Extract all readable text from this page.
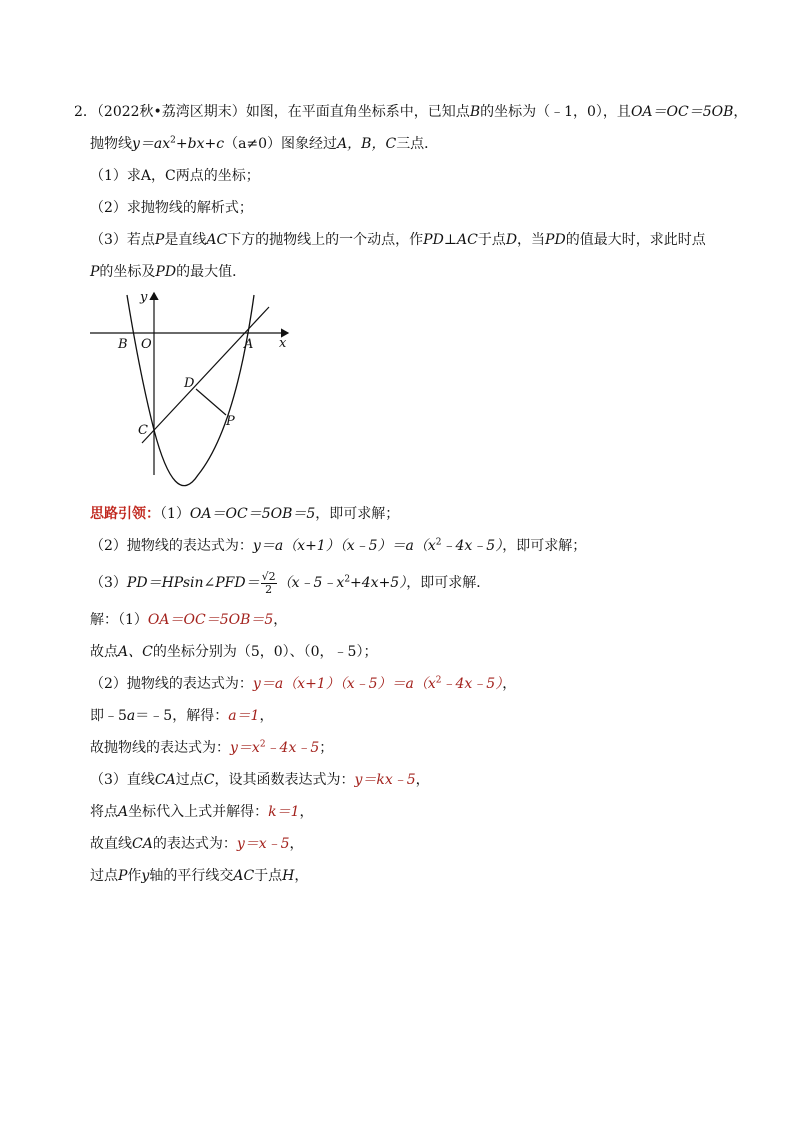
2．（2022秋•荔湾区期末）如图，在平面直角坐标系中，已知点B的坐标为（﹣1，0），且OA＝OC＝5OB，
抛物线$y=ax^2+bx+c(a\ne 0)$图象经过A，B，C三点．
（1）求A，C两点的坐标；
（2）求抛物线的解析式；
（3）若点P是直线AC下方的抛物线上的一个动点，作PD⊥AC于点D，当PD的值最大时，求此时点
P的坐标及PD的最大值．
y
x
B O	A
D
C
P
思路引领：（1）OA＝OC＝5OB＝5，即可求解；
（2）抛物线的表达式为：$y=a(x+1)(x﹣5)=a(x^2﹣4x﹣5)$，即可求解；
（3）PD＝HPsin∠PFD＝ $\frac{√2}{2}$ $(x﹣5﹣x^2+4x+5)$，即可求解．
解：（1）OA＝OC＝5OB＝5，
故点A、C的坐标分别为（5，0）、（0，﹣5）；
（2）抛物线的表达式为：$y=a(x+1)(x﹣5)=a(x^2﹣4x﹣5)$，
即﹣5a＝﹣5，解得：a＝1，
故抛物线的表达式为：$y=x^2﹣4x﹣5$；
（3）直线CA过点C，设其函数表达式为：y＝kx﹣5，
将点A坐标代入上式并解得：k＝1，
故直线CA的表达式为：y＝x﹣5，
过点P作y轴的平行线交AC于点H，
